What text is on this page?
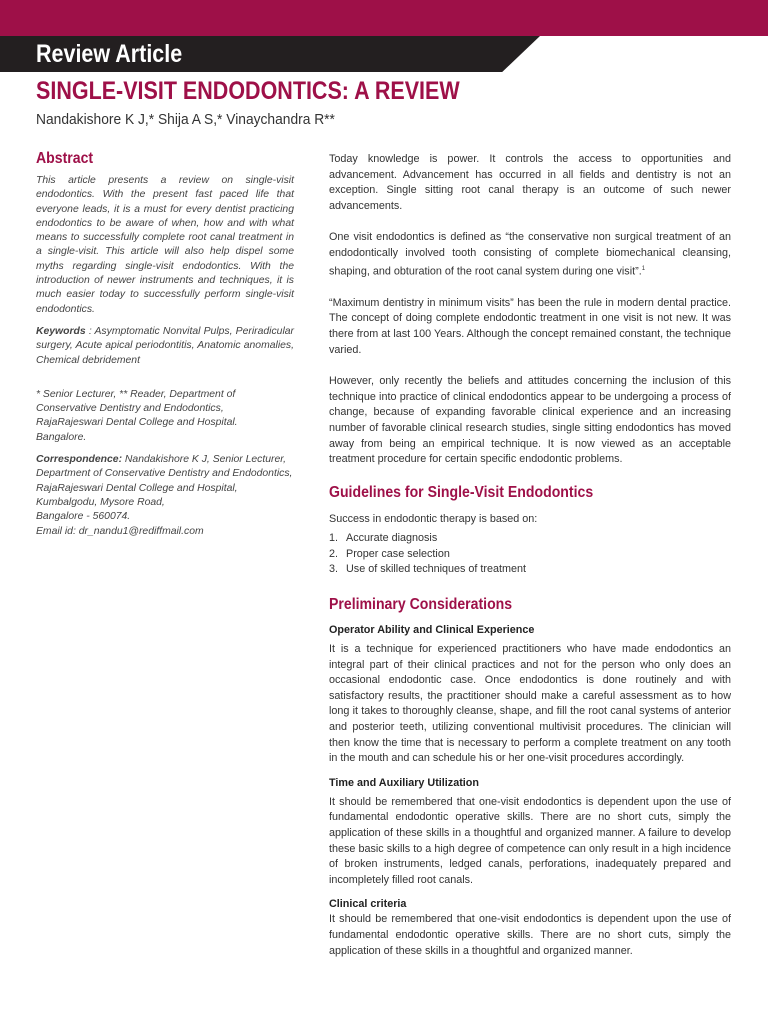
Review Article
SINGLE-VISIT ENDODONTICS: A REVIEW
Nandakishore K J,* Shija A S,* Vinaychandra R**
Abstract

This article presents a review on single-visit endodontics. With the present fast paced life that everyone leads, it is a must for every dentist practicing endodontics to be aware of when, how and with what means to successfully complete root canal treatment in a single-visit. This article will also help dispel some myths regarding single-visit endodontics. With the introduction of newer instruments and techniques, it is much easier today to successfully perform single-visit endodontics.

Keywords : Asymptomatic Nonvital Pulps, Periradicular surgery, Acute apical periodontitis, Anatomic anomalies, Chemical debridement

* Senior Lecturer, ** Reader, Department of
Conservative Dentistry and Endodontics,
RajaRajeswari Dental College and Hospital.
Bangalore.
Correspondence: Nandakishore K J, Senior Lecturer,
Department of Conservative Dentistry and Endodontics,
RajaRajeswari Dental College and Hospital,
Kumbalgodu, Mysore Road,
Bangalore - 560074.
Email id: dr_nandu1@rediffmail.com

Today knowledge is power. It controls the access to opportunities and advancement. Advancement has occurred in all fields and dentistry is not an exception. Single sitting root canal therapy is an outcome of such newer advancements.

One visit endodontics is defined as “the conservative non surgical treatment of an endodontically involved tooth consisting of complete biomechanical cleansing, shaping, and obturation of the root canal system during one visit”.$^1$

“Maximum dentistry in minimum visits” has been the rule in modern dental practice. The concept of doing complete endodontic treatment in one visit is not new. It was there from at last 100 Years. Although the concept remained constant, the technique varied.

However, only recently the beliefs and attitudes concerning the inclusion of this technique into practice of clinical endodontics appear to be undergoing a process of change, because of expanding favorable clinical experience and an increasing number of favorable clinical research studies, single sitting endodontics has moved away from being an empirical technique. It is now viewed as an acceptable treatment procedure for certain specific endodontic problems.

Guidelines for Single-Visit Endodontics

Success in endodontic therapy is based on:

1. Accurate diagnosis
2. Proper case selection
3. Use of skilled techniques of treatment
Preliminary Considerations
Operator Ability and Clinical Experience

It is a technique for experienced practitioners who have made endodontics an integral part of their clinical practices and not for the person who only does an occasional endodontic case. Once endodontics is done routinely and with satisfactory results, the practitioner should make a careful assessment as to how long it takes to thoroughly cleanse, shape, and fill the root canal systems of anterior and posterior teeth, utilizing conventional multivisit procedures. The clinician will then know the time that is necessary to perform a complete treatment on any tooth in the mouth and can schedule his or her one-visit procedures accordingly.

Time and Auxiliary Utilization

It should be remembered that one-visit endodontics is dependent upon the use of fundamental endodontic operative skills. There are no short cuts, simply the application of these skills in a thoughtful and organized manner. A failure to develop these basic skills to a high degree of competence can only result in a high incidence of broken instruments, ledged canals, perforations, inadequately prepared and incompletely filled root canals.

Clinical criteria

It should be remembered that one-visit endodontics is dependent upon the use of fundamental endodontic operative skills. There are no short cuts, simply the application of these skills in a thoughtful and organized manner.
